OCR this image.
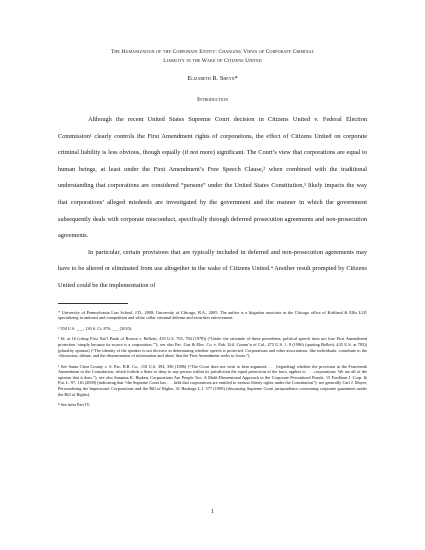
The Humanization of the Corporate Entity: Changing Views of Corporate Criminal
Liability in the Wake of Citizens United
Elizabeth R. Sheyn*
Introduction

Although the recent United States Supreme Court decision in Citizens United v. Federal Election Commission¹ clearly controls the First Amendment rights of corporations, the effect of Citizens United on corporate criminal liability is less obvious, though equally (if not more) significant. The Court’s view that corporations are equal to human beings, at least under the First Amendment’s Free Speech Clause,² when combined with the traditional understanding that corporations are considered “persons” under the United States Constitution,³ likely impacts the way that corporations’ alleged misdeeds are investigated by the government and the manner in which the government subsequently deals with corporate misconduct, specifically through deferred prosecution agreements and non-prosecution agreements.

In particular, certain provisions that are typically included in deferred and non-prosecution agreements may have to be altered or eliminated from use altogether in the wake of Citizens United.⁴ Another result prompted by Citizens United could be the implementation of

* University of Pennsylvania Law School, J.D., 2008; University of Chicago, B.A., 2005. The author is a litigation associate in the Chicago office of Kirkland & Ellis LLP, specializing in antitrust and competition and white collar criminal defense and securities enforcement.
¹ 558 U.S. ___, 130 S. Ct. 876, ___ (2010).
² Id. at 16 (citing First Nat’l Bank of Boston v. Bellotti, 435 U.S. 765, 784 (1978)) (“Under the rationale of these precedents, political speech does not lose First Amendment protection ‘simply because its source is a corporation.’”); see also Pac. Gas & Elec. Co. v. Pub. Util. Comm’n of Cal., 475 U.S. 1, 8 (1986) (quoting Bellotti, 435 U.S. at 783)) (plurality opinion) (“The identity of the speaker is not decisive in determining whether speech is protected. Corporations and other associations, like individuals, contribute to the ‘discussion, debate, and the dissemination of information and ideas’ that the First Amendment seeks to foster.”).
³ See Santa Clara County v. S. Pac. R.R. Co., 118 U.S. 394, 396 (1886) (“The Court does not wish to hear argument . . . [regarding] whether the provision in the Fourteenth Amendment to the Constitution, which forbids a State to deny to any person within its jurisdiction the equal protection of the laws, applies to . . . corporations. We are all of the opinion that it does.”); see also Susanna K. Ripken, Corporations Are People Too: A Multi-Dimensional Approach to the Corporate Personhood Puzzle, 15 Fordham J. Corp. & Fin. L. 97, 116 (2009) (indicating that “the Supreme Court has . . . held that corporations are entitled to various liberty rights under the Constitution”); see generally Carl J. Mayer, Personalizing the Impersonal: Corporations and the Bill of Rights, 41 Hastings L.J. 577 (1990) (discussing Supreme Court jurisprudence concerning corporate guarantees under the Bill of Rights).
⁴ See infra Part IV.
1
